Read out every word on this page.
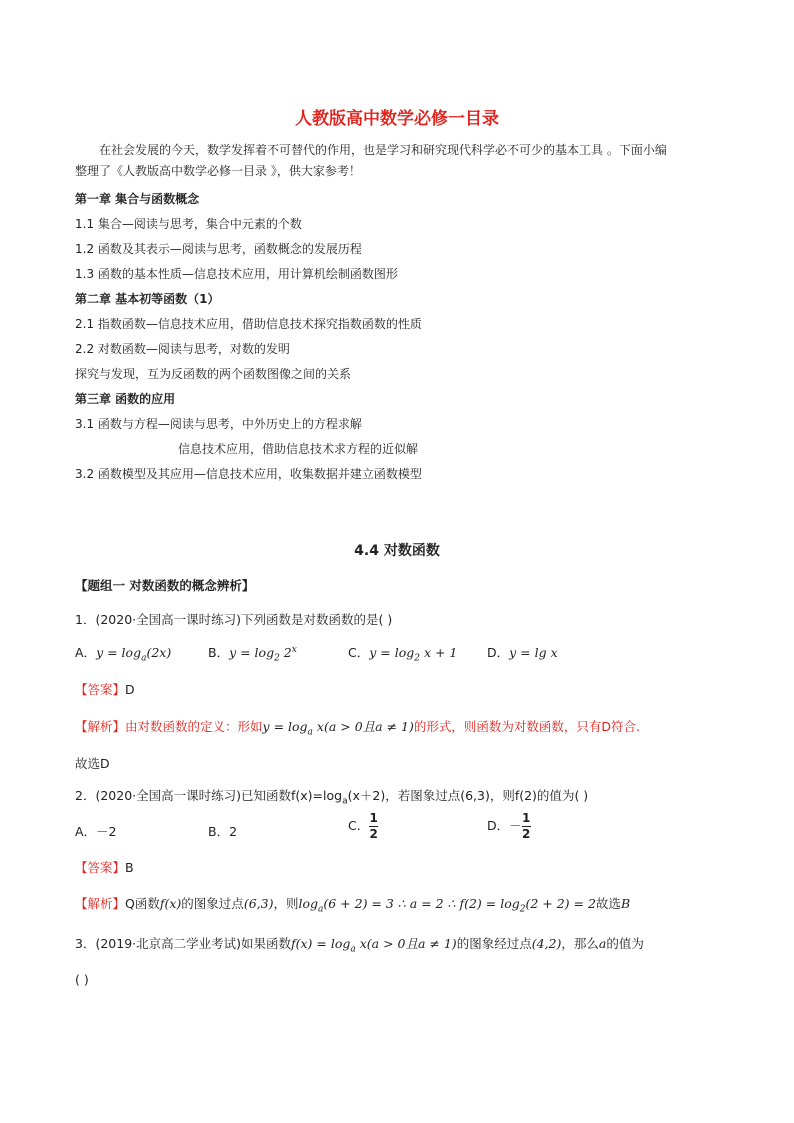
人教版高中数学必修一目录
在社会发展的今天，数学发挥着不可替代的作用，也是学习和研究现代科学必不可少的基本工具 。下面小编
整理了《人教版高中数学必修一目录 》，供大家参考！
第一章 集合与函数概念
1.1 集合—阅读与思考，集合中元素的个数
1.2 函数及其表示—阅读与思考，函数概念的发展历程
1.3 函数的基本性质—信息技术应用，用计算机绘制函数图形
第二章 基本初等函数（1）
2.1 指数函数—信息技术应用，借助信息技术探究指数函数的性质
2.2 对数函数—阅读与思考，对数的发明
探究与发现，互为反函数的两个函数图像之间的关系
第三章 函数的应用
3.1 函数与方程—阅读与思考，中外历史上的方程求解
信息技术应用，借助信息技术求方程的近似解
3.2 函数模型及其应用—信息技术应用，收集数据并建立函数模型
4.4 对数函数
【题组一 对数函数的概念辨析】
1．(2020·全国高一课时练习)下列函数是对数函数的是( )
A．$y = \log_a(2x)$	B．$y = \log_2 2^x$	C．$y = \log_2 x + 1$ D．y = lg x
【答案】D
【解析】由对数函数的定义：形如$y = \log_a x(a > 0$且a ≠ 1)的形式，则函数为对数函数，只有D符合.
故选D
2．(2020·全国高一课时练习)已知函数$f(x)=\log_a(x+2)$，若图象过点(6,3)，则f(2)的值为( )
A．－2	B．2	C． $\frac{1}{2}$	D．－ $\frac{1}{2}$
【答案】B
【解析】Q函数f(x)的图象过点(6,3)，则$\log_a(6 + 2) = 3$ ∴ a = 2 ∴ $f(2) = \log_2(2 + 2) = 2$故选B
3．(2019·北京高二学业考试)如果函数$f(x) = \log_a x(a > 0$且a ≠ 1)的图象经过点(4,2)，那么a的值为
( )
